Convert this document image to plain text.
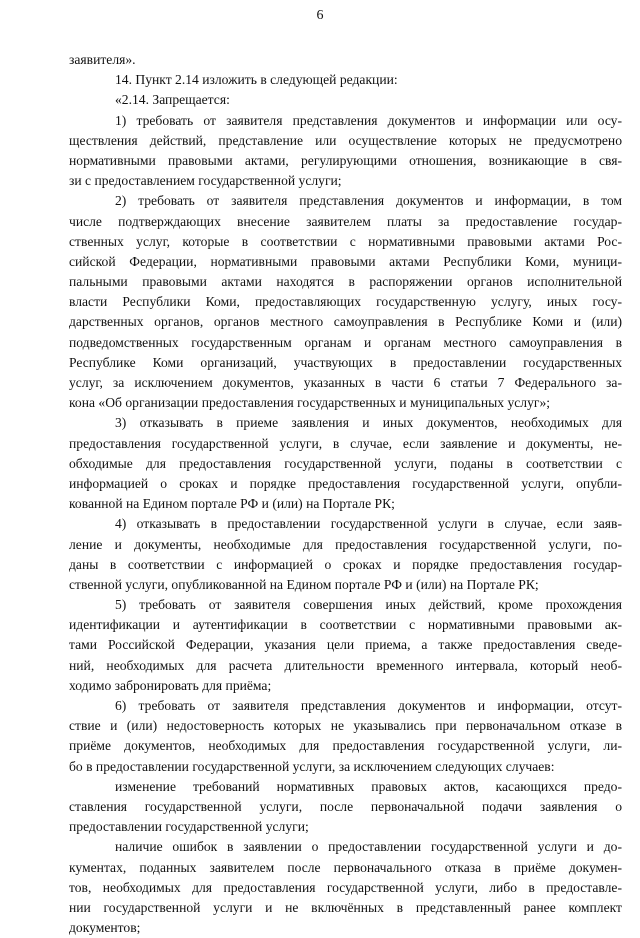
6
заявителя».
14. Пункт 2.14 изложить в следующей редакции:
«2.14. Запрещается:
1) требовать от заявителя представления документов и информации или осу-
ществления действий, представление или осуществление которых не предусмотрено
нормативными правовыми актами, регулирующими отношения, возникающие в свя-
зи с предоставлением государственной услуги;
2) требовать от заявителя представления документов и информации, в том
числе подтверждающих внесение заявителем платы за предоставление государ-
ственных услуг, которые в соответствии с нормативными правовыми актами Рос-
сийской Федерации, нормативными правовыми актами Республики Коми, муници-
пальными правовыми актами находятся в распоряжении органов исполнительной
власти Республики Коми, предоставляющих государственную услугу, иных госу-
дарственных органов, органов местного самоуправления в Республике Коми и (или)
подведомственных государственным органам и органам местного самоуправления в
Республике Коми организаций, участвующих в предоставлении государственных
услуг, за исключением документов, указанных в части 6 статьи 7 Федерального за-
кона «Об организации предоставления государственных и муниципальных услуг»;
3) отказывать в приеме заявления и иных документов, необходимых для
предоставления государственной услуги, в случае, если заявление и документы, не-
обходимые для предоставления государственной услуги, поданы в соответствии с
информацией о сроках и порядке предоставления государственной услуги, опубли-
кованной на Едином портале РФ и (или) на Портале РК;
4) отказывать в предоставлении государственной услуги в случае, если заяв-
ление и документы, необходимые для предоставления государственной услуги, по-
даны в соответствии с информацией о сроках и порядке предоставления государ-
ственной услуги, опубликованной на Едином портале РФ и (или) на Портале РК;
5) требовать от заявителя совершения иных действий, кроме прохождения
идентификации и аутентификации в соответствии с нормативными правовыми ак-
тами Российской Федерации, указания цели приема, а также предоставления сведе-
ний, необходимых для расчета длительности временного интервала, который необ-
ходимо забронировать для приёма;
6) требовать от заявителя представления документов и информации, отсут-
ствие и (или) недостоверность которых не указывались при первоначальном отказе в
приёме документов, необходимых для предоставления государственной услуги, ли-
бо в предоставлении государственной услуги, за исключением следующих случаев:
изменение требований нормативных правовых актов, касающихся предо-
ставления государственной услуги, после первоначальной подачи заявления о
предоставлении государственной услуги;
наличие ошибок в заявлении о предоставлении государственной услуги и до-
кументах, поданных заявителем после первоначального отказа в приёме докумен-
тов, необходимых для предоставления государственной услуги, либо в предоставле-
нии государственной услуги и не включённых в представленный ранее комплект
документов;
